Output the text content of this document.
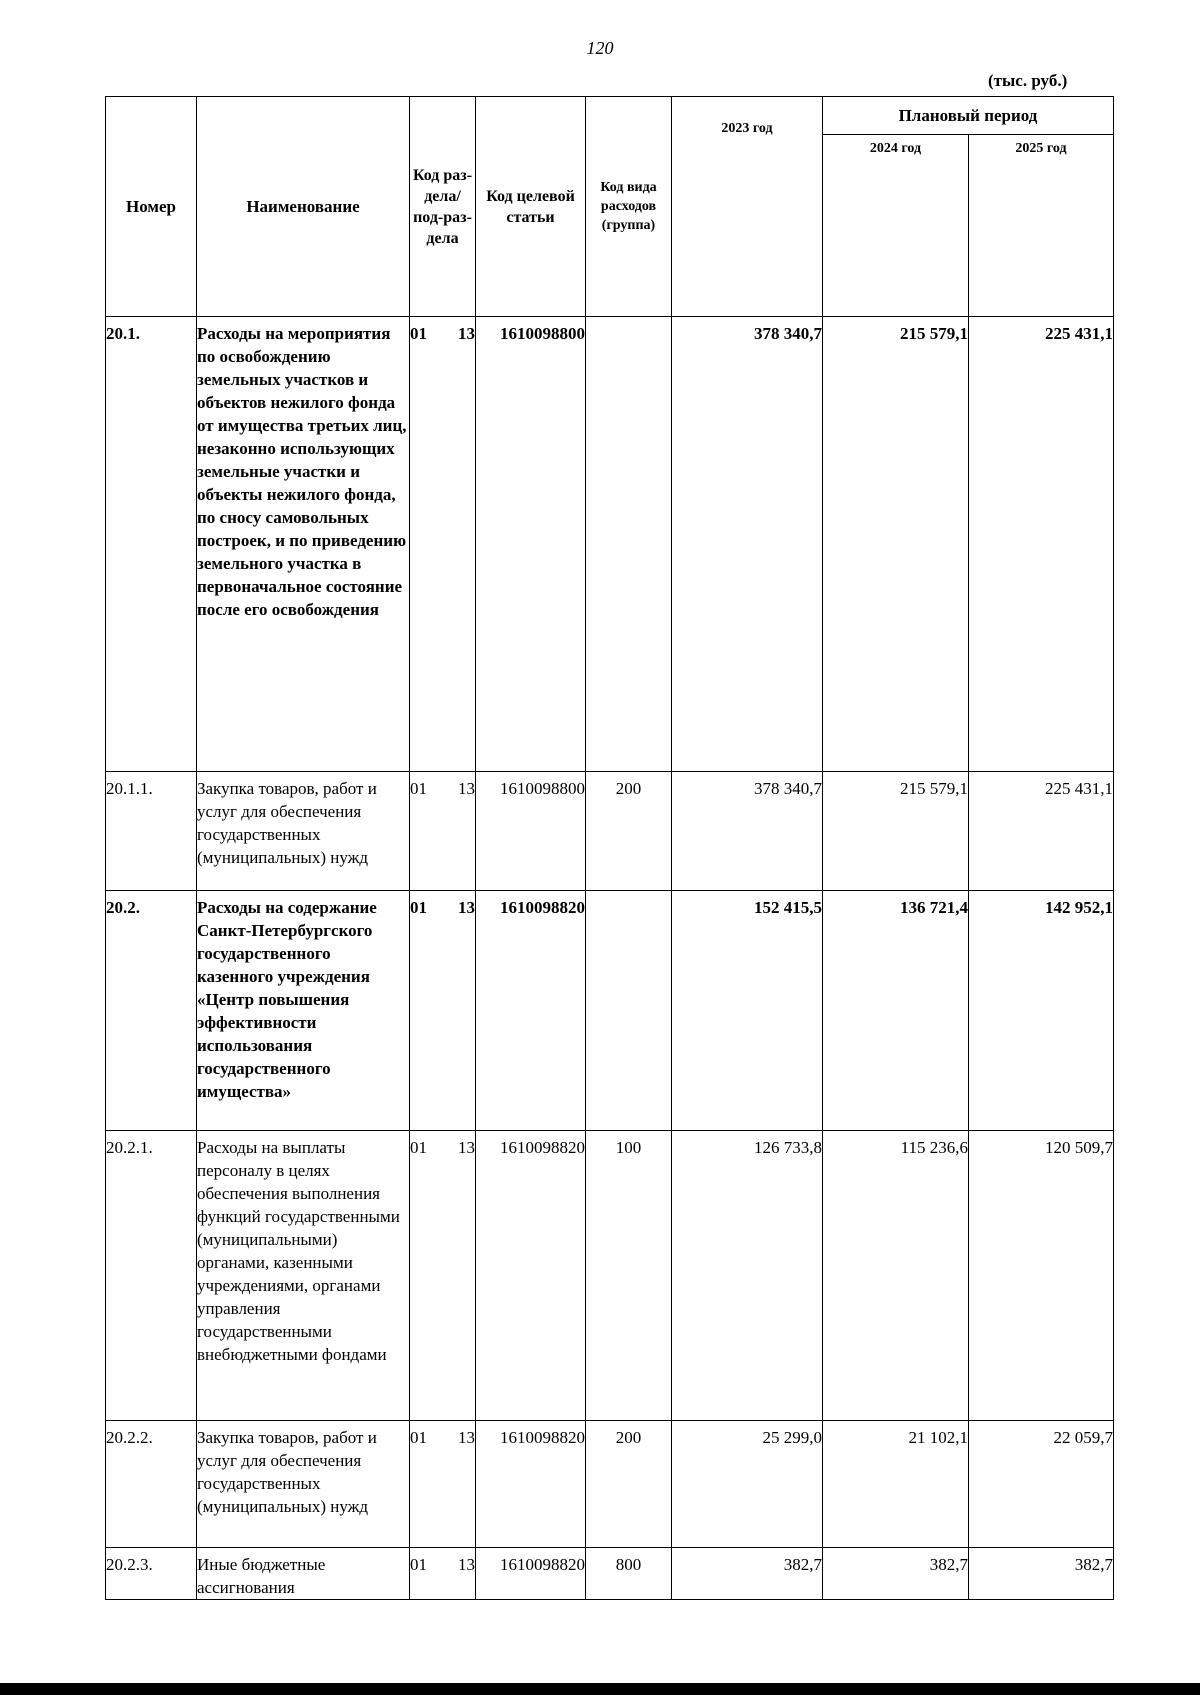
120
(тыс. руб.)
Номер	Наименование	Код раз-дела/ под-раз-дела	Код целевой статьи	Код вида расходов (группа)	2023 год	Плановый период	
						2024 год	2025 год
20.1.	Расходы на мероприятия по освобождению земельных участков и объектов нежилого фонда от имущества третьих лиц, незаконно использующих земельные участки и объекты нежилого фонда, по сносу самовольных построек, и по приведению земельного участка в первоначальное состояние после его освобождения	01 13	1610098800		378 340,7	215 579,1	225 431,1
20.1.1.	Закупка товаров, работ и услуг для обеспечения государственных (муниципальных) нужд	01 13	1610098800	200	378 340,7	215 579,1	225 431,1
20.2.	Расходы на содержание Санкт-Петербургского государственного казенного учреждения «Центр повышения эффективности использования государственного имущества»	01 13	1610098820		152 415,5	136 721,4	142 952,1
20.2.1.	Расходы на выплаты персоналу в целях обеспечения выполнения функций государственными (муниципальными) органами, казенными учреждениями, органами управления государственными внебюджетными фондами	01 13	1610098820	100	126 733,8	115 236,6	120 509,7
20.2.2.	Закупка товаров, работ и услуг для обеспечения государственных (муниципальных) нужд	01 13	1610098820	200	25 299,0	21 102,1	22 059,7
20.2.3.	Иные бюджетные ассигнования	01 13	1610098820	800	382,7	382,7	382,7
